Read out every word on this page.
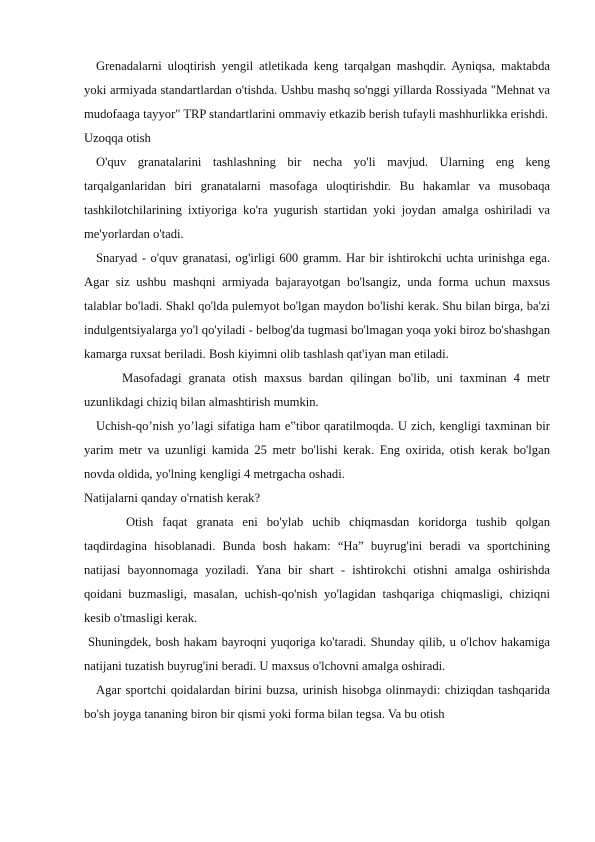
Grenadalarni uloqtirish yengil atletikada keng tarqalgan mashqdir. Ayniqsa, maktabda yoki armiyada standartlardan o'tishda. Ushbu mashq so'nggi yillarda Rossiyada "Mehnat va mudofaaga tayyor" TRP standartlarini ommaviy etkazib berish tufayli mashhurlikka erishdi.

Uzoqqa otish

O'quv granatalarini tashlashning bir necha yo'li mavjud. Ularning eng keng tarqalganlaridan biri granatalarni masofaga uloqtirishdir. Bu hakamlar va musobaqa tashkilotchilarining ixtiyoriga ko'ra yugurish startidan yoki joydan amalga oshiriladi va me'yorlardan o'tadi.

Snaryad - o'quv granatasi, og'irligi 600 gramm. Har bir ishtirokchi uchta urinishga ega. Agar siz ushbu mashqni armiyada bajarayotgan bo'lsangiz, unda forma uchun maxsus talablar bo'ladi. Shakl qo'lda pulemyot bo'lgan maydon bo'lishi kerak. Shu bilan birga, ba'zi indulgentsiyalarga yo'l qo'yiladi - belbog'da tugmasi bo'lmagan yoqa yoki biroz bo'shashgan kamarga ruxsat beriladi. Bosh kiyimni olib tashlash qat'iyan man etiladi.

Masofadagi granata otish maxsus bardan qilingan bo'lib, uni taxminan 4 metr uzunlikdagi chiziq bilan almashtirish mumkin.

Uchish-qo’nish yo’lagi sifatiga ham e‟tibor qaratilmoqda. U zich, kengligi taxminan bir yarim metr va uzunligi kamida 25 metr bo'lishi kerak. Eng oxirida, otish kerak bo'lgan novda oldida, yo'lning kengligi 4 metrgacha oshadi.

Natijalarni qanday o'rnatish kerak?

Otish faqat granata eni bo'ylab uchib chiqmasdan koridorga tushib qolgan taqdirdagina hisoblanadi. Bunda bosh hakam: “Ha” buyrug'ini beradi va sportchining natijasi bayonnomaga yoziladi. Yana bir shart - ishtirokchi otishni amalga oshirishda qoidani buzmasligi, masalan, uchish-qo'nish yo'lagidan tashqariga chiqmasligi, chiziqni kesib o'tmasligi kerak.

Shuningdek, bosh hakam bayroqni yuqoriga ko'taradi. Shunday qilib, u o'lchov hakamiga natijani tuzatish buyrug'ini beradi. U maxsus o'lchovni amalga oshiradi.

Agar sportchi qoidalardan birini buzsa, urinish hisobga olinmaydi: chiziqdan tashqarida bo'sh joyga tananing biron bir qismi yoki forma bilan tegsa. Va bu otish
